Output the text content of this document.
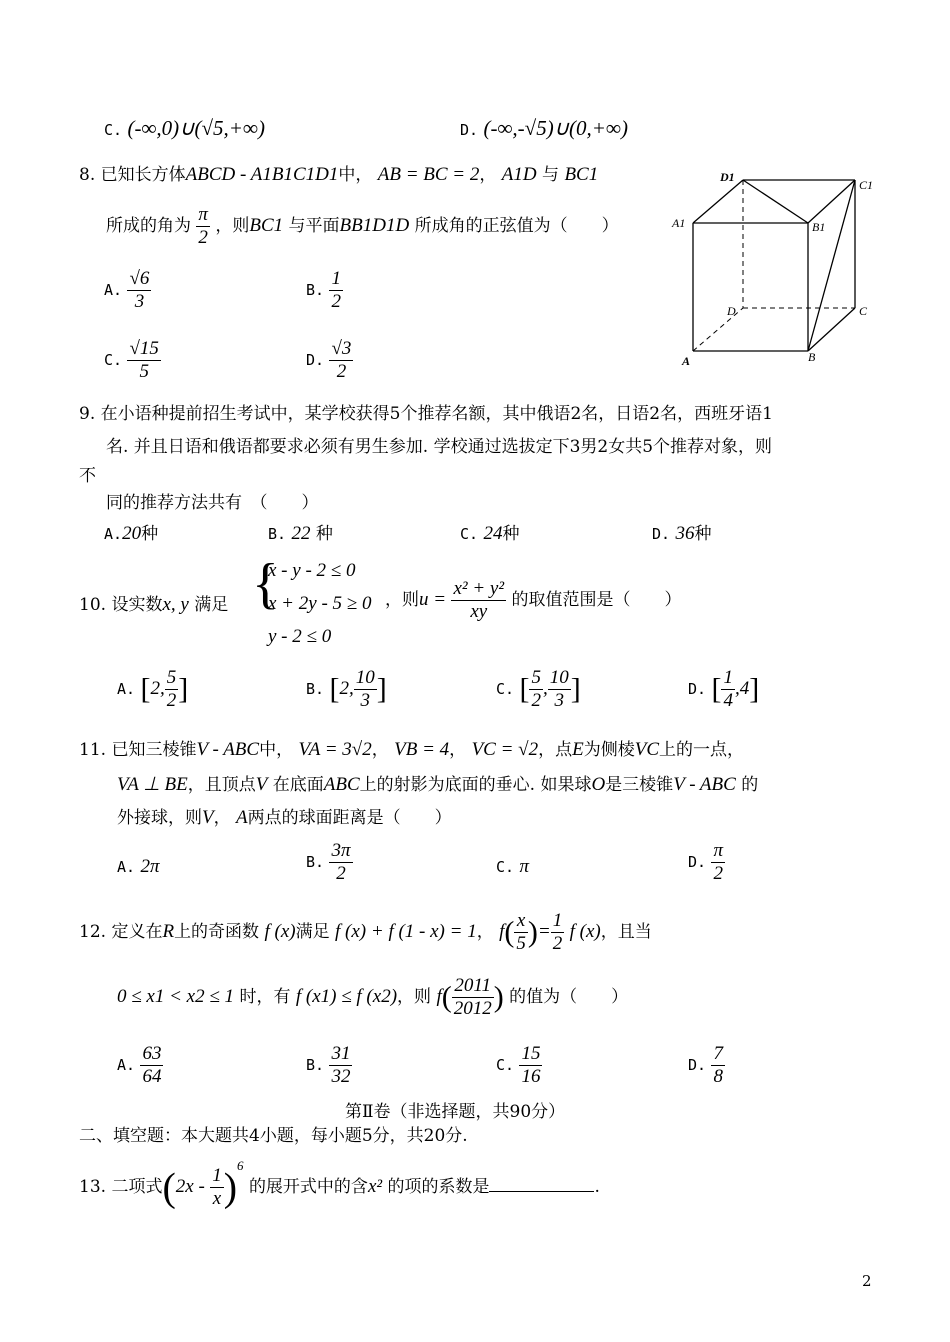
C. (-∞,0)∪(√5,+∞)	D. (-∞,-√5)∪(0,+∞)
8. 已知长方体ABCD - A1B1C1D1中， AB = BC = 2， A1D 与 BC1
所成的角为 $\frac{\pi}{2}$ ，则BC1 与平面BB1D1D 所成角的正弦值为（　　）
A. $\frac{√6}{3}$	B. $\frac{1}{2}$
C. $\frac{√15}{5}$	D. $\frac{√3}{2}$
D1
C1
A1	B1
D	C
A	B
9. 在小语种提前招生考试中，某学校获得5个推荐名额，其中俄语2名，日语2名，西班牙语1
名. 并且日语和俄语都要求必须有男生参加. 学校通过选拔定下3男2女共5个推荐对象，则
不
同的推荐方法共有　（　　）
A.20种	B. 22 种	C. 24种	D. 36种
10. 设实数x, y 满足 {
x - y - 2 ≤ 0
x + 2y - 5 ≥ 0
y - 2 ≤ 0
，则$u = \frac{\text{x² + y²}}{xy}$ 的取值范围是（　　）
A. [2, $\frac{5}{2}$ ]	B. [2, $\frac{10}{3}$ ]	C. [ $\frac{5}{2}$ , $\frac{10}{3}$ ]	D. [ $\frac{1}{4} ,4$]
11. 已知三棱锥V - ABC中， VA = 3√2， VB = 4， VC = √2，点E为侧棱VC上的一点，
VA ⊥ BE，且顶点V 在底面ABC上的射影为底面的垂心. 如果球O是三棱锥V - ABC 的
外接球，则V， A两点的球面距离是（　　）
A. 2π	B. $\frac{3\pi}{2}$	C. π	D. $\frac{\pi}{2}$
12. 定义在R上的奇函数 f (x)满足 f (x) + f (1 - x) = 1， $f( \frac{x}{5}$ )= $\frac{1}{2}$ f (x)，且当
0 ≤ x1 < x2 ≤ 1 时，有 f (x1) ≤ f (x2)，则 $f( \frac{2011}{2012}$ ) 的值为（　　）
A. $\frac{63}{64}$	B. $\frac{31}{32}$	C. $\frac{15}{16}$	D. $\frac{7}{8}$
第Ⅱ卷（非选择题，共90分）
二、填空题：本大题共4小题，每小题5分，共20分.
13. 二项式$(2x - \frac{1}{x} )^6$ 的展开式中的含x² 的项的系数是	.
2
